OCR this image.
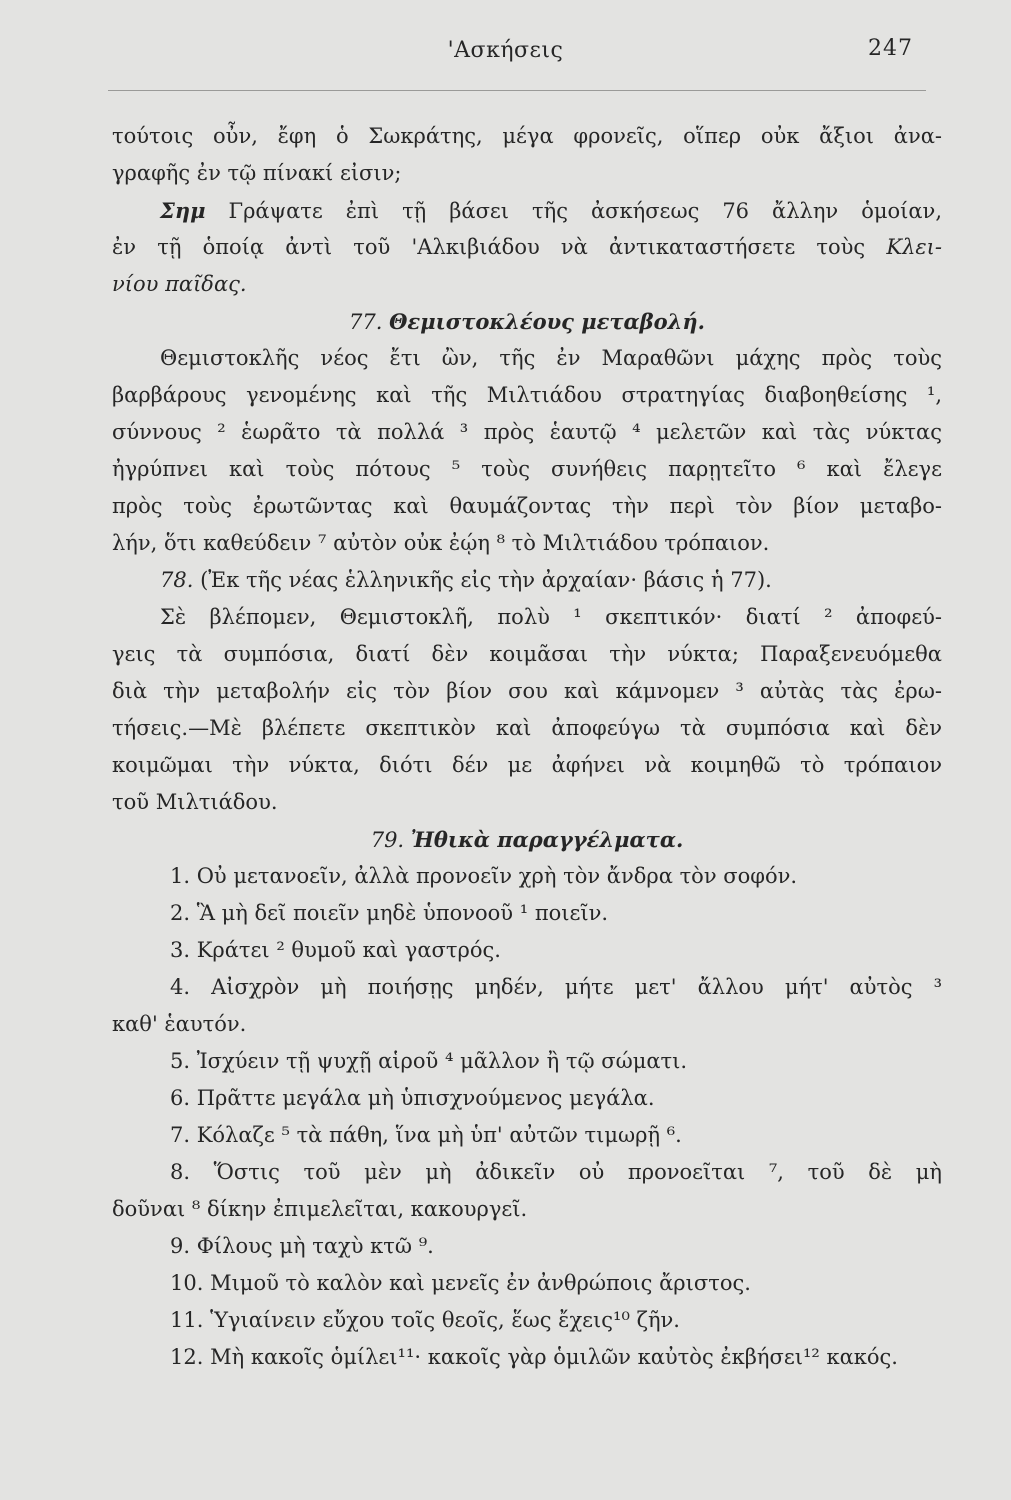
'Ασκήσεις	247
τούτοις οὖν, ἔφη ὁ Σωκράτης, μέγα φρονεῖς, οἵπερ οὐκ ἄξιοι ἀνα-
γραφῆς ἐν τῷ πίνακί εἰσιν;
Σημ Γράψατε ἐπὶ τῇ βάσει τῆς ἀσκήσεως 76 ἄλλην ὁμοίαν,
ἐν τῇ ὁποίᾳ ἀντὶ τοῦ 'Αλκιβιάδου νὰ ἀντικαταστήσετε τοὺς Κλει-
νίου παῖδας.
77. Θεμιστοκλέους μεταβολή.
Θεμιστοκλῆς νέος ἔτι ὢν, τῆς ἐν Μαραθῶνι μάχης πρὸς τοὺς
βαρβάρους γενομένης καὶ τῆς Μιλτιάδου στρατηγίας διαβοηθείσης ¹,
σύννους ² ἑωρᾶτο τὰ πολλά ³ πρὸς ἑαυτῷ ⁴ μελετῶν καὶ τὰς νύκτας
ἠγρύπνει καὶ τοὺς πότους ⁵ τοὺς συνήθεις παρῃτεῖτο ⁶ καὶ ἔλεγε
πρὸς τοὺς ἐρωτῶντας καὶ θαυμάζοντας τὴν περὶ τὸν βίον μεταβο-
λήν, ὅτι καθεύδειν ⁷ αὐτὸν οὐκ ἐῴη ⁸ τὸ Μιλτιάδου τρόπαιον.
78. (Ἐκ τῆς νέας ἑλληνικῆς εἰς τὴν ἀρχαίαν· βάσις ἡ 77).
Σὲ βλέπομεν, Θεμιστοκλῆ, πολὺ ¹ σκεπτικόν· διατί ² ἀποφεύ-
γεις τὰ συμπόσια, διατί δὲν κοιμᾶσαι τὴν νύκτα; Παραξενευόμεθα
διὰ τὴν μεταβολήν εἰς τὸν βίον σου καὶ κάμνομεν ³ αὐτὰς τὰς ἐρω-
τήσεις.—Μὲ βλέπετε σκεπτικὸν καὶ ἀποφεύγω τὰ συμπόσια καὶ δὲν
κοιμῶμαι τὴν νύκτα, διότι δέν με ἀφήνει νὰ κοιμηθῶ τὸ τρόπαιον
τοῦ Μιλτιάδου.
79. Ἠθικὰ παραγγέλματα.
1. Οὐ μετανοεῖν, ἀλλὰ προνοεῖν χρὴ τὸν ἄνδρα τὸν σοφόν.
2. Ἃ μὴ δεῖ ποιεῖν μηδὲ ὑπονοοῦ ¹ ποιεῖν.
3. Κράτει ² θυμοῦ καὶ γαστρός.
4. Αἰσχρὸν μὴ ποιήσῃς μηδέν, μήτε μετ' ἄλλου μήτ' αὐτὸς ³
καθ' ἑαυτόν.
5. Ἰσχύειν τῇ ψυχῇ αἱροῦ ⁴ μᾶλλον ἢ τῷ σώματι.
6. Πρᾶττε μεγάλα μὴ ὑπισχνούμενος μεγάλα.
7. Κόλαζε ⁵ τὰ πάθη, ἵνα μὴ ὑπ' αὐτῶν τιμωρῇ ⁶.
8. Ὅστις τοῦ μὲν μὴ ἀδικεῖν οὐ προνοεῖται ⁷, τοῦ δὲ μὴ
δοῦναι ⁸ δίκην ἐπιμελεῖται, κακουργεῖ.
9. Φίλους μὴ ταχὺ κτῶ ⁹.
10. Μιμοῦ τὸ καλὸν καὶ μενεῖς ἐν ἀνθρώποις ἄριστος.
11. Ὑγιαίνειν εὔχου τοῖς θεοῖς, ἕως ἔχεις¹⁰ ζῆν.
12. Μὴ κακοῖς ὁμίλει¹¹· κακοῖς γὰρ ὁμιλῶν καὐτὸς ἐκβήσει¹² κακός.
